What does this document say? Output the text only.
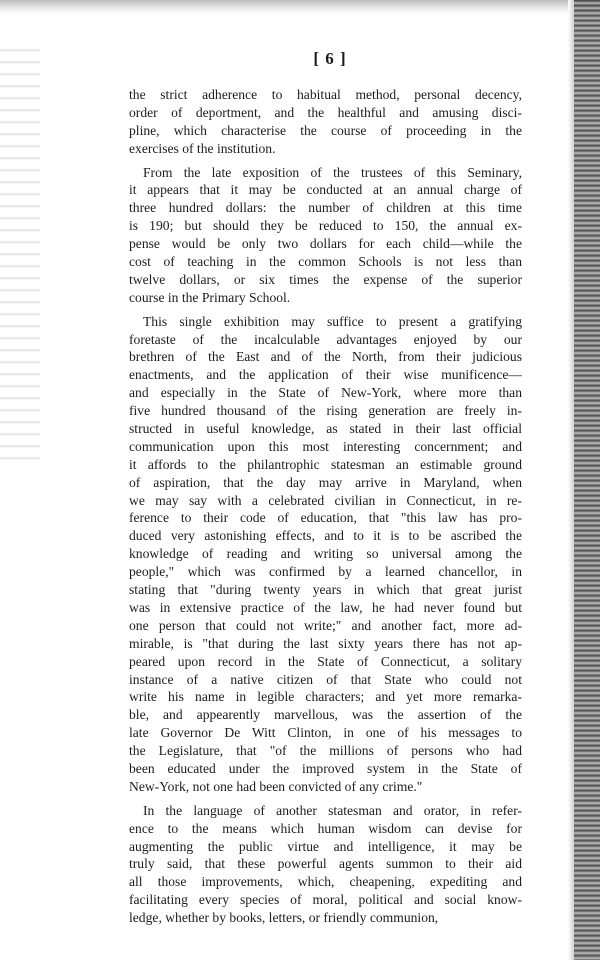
[ 6 ]
the strict adherence to habitual method, personal decency,
order of deportment, and the healthful and amusing disci-
pline, which characterise the course of proceeding in the
exercises of the institution.
From the late exposition of the trustees of this Seminary,
it appears that it may be conducted at an annual charge of
three hundred dollars: the number of children at this time
is 190; but should they be reduced to 150, the annual ex-
pense would be only two dollars for each child—while the
cost of teaching in the common Schools is not less than
twelve dollars, or six times the expense of the superior
course in the Primary School.
This single exhibition may suffice to present a gratifying
foretaste of the incalculable advantages enjoyed by our
brethren of the East and of the North, from their judicious
enactments, and the application of their wise munificence—
and especially in the State of New-York, where more than
five hundred thousand of the rising generation are freely in-
structed in useful knowledge, as stated in their last official
communication upon this most interesting concernment; and
it affords to the philantrophic statesman an estimable ground
of aspiration, that the day may arrive in Maryland, when
we may say with a celebrated civilian in Connecticut, in re-
ference to their code of education, that "this law has pro-
duced very astonishing effects, and to it is to be ascribed the
knowledge of reading and writing so universal among the
people," which was confirmed by a learned chancellor, in
stating that "during twenty years in which that great jurist
was in extensive practice of the law, he had never found but
one person that could not write;" and another fact, more ad-
mirable, is "that during the last sixty years there has not ap-
peared upon record in the State of Connecticut, a solitary
instance of a native citizen of that State who could not
write his name in legible characters; and yet more remarka-
ble, and appearently marvellous, was the assertion of the
late Governor De Witt Clinton, in one of his messages to
the Legislature, that "of the millions of persons who had
been educated under the improved system in the State of
New-York, not one had been convicted of any crime."
In the language of another statesman and orator, in refer-
ence to the means which human wisdom can devise for
augmenting the public virtue and intelligence, it may be
truly said, that these powerful agents summon to their aid
all those improvements, which, cheapening, expediting and
facilitating every species of moral, political and social know-
ledge, whether by books, letters, or friendly communion,
